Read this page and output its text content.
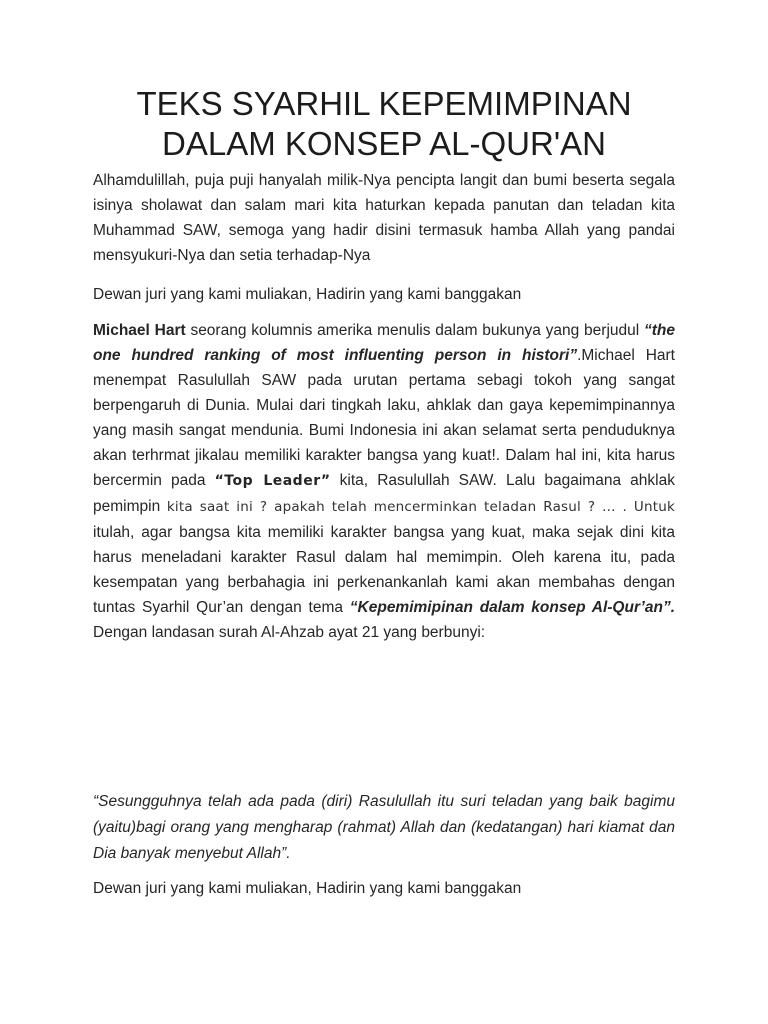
TEKS SYARHIL KEPEMIMPINAN
DALAM KONSEP AL-QUR'AN

Alhamdulillah, puja puji hanyalah milik-Nya pencipta langit dan bumi beserta segala isinya sholawat dan salam mari kita haturkan kepada panutan dan teladan kita Muhammad SAW, semoga yang hadir disini termasuk hamba Allah yang pandai mensyukuri-Nya dan setia terhadap-Nya

Dewan juri yang kami muliakan, Hadirin yang kami banggakan

Michael Hart seorang kolumnis amerika menulis dalam bukunya yang berjudul “the one hundred ranking of most influenting person in histori”.Michael Hart menempat Rasulullah SAW pada urutan pertama sebagi tokoh yang sangat berpengaruh di Dunia. Mulai dari tingkah laku, ahklak dan gaya kepemimpinannya yang masih sangat mendunia. Bumi Indonesia ini akan selamat serta penduduknya akan terhrmat jikalau memiliki karakter bangsa yang kuat!. Dalam hal ini, kita harus bercermin pada “Top Leader” kita, Rasulullah SAW. Lalu bagaimana ahklak pemimpin kita saat ini ? apakah telah mencerminkan teladan Rasul ? ... . Untuk itulah, agar bangsa kita memiliki karakter bangsa yang kuat, maka sejak dini kita harus meneladani karakter Rasul dalam hal memimpin. Oleh karena itu, pada kesempatan yang berbahagia ini perkenankanlah kami akan membahas dengan tuntas Syarhil Qur’an dengan tema “Kepemimipinan dalam konsep Al-Qur’an”. Dengan landasan surah Al-Ahzab ayat 21 yang berbunyi:

“Sesungguhnya telah ada pada (diri) Rasulullah itu suri teladan yang baik bagimu (yaitu)bagi orang yang mengharap (rahmat) Allah dan (kedatangan) hari kiamat dan Dia banyak menyebut Allah”.

Dewan juri yang kami muliakan, Hadirin yang kami banggakan
